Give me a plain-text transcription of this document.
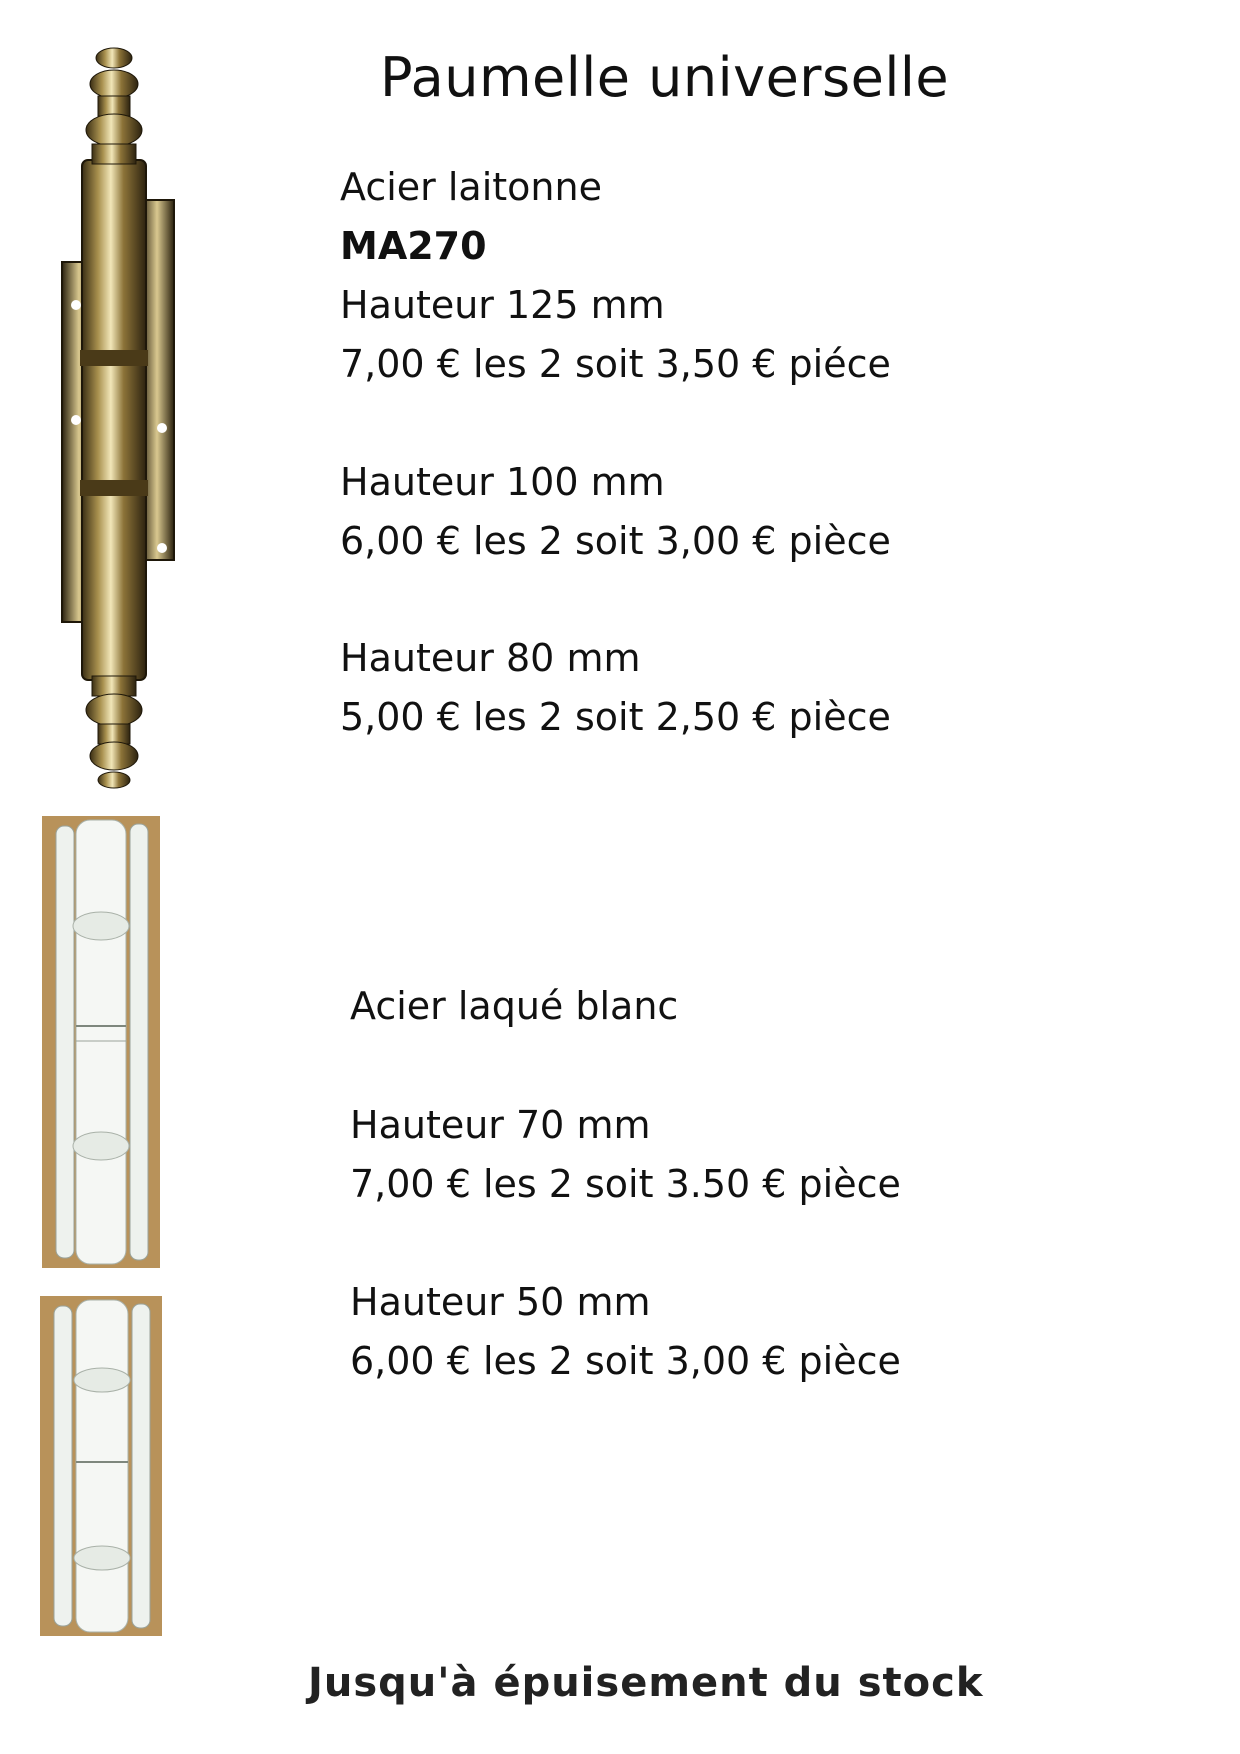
Paumelle universelle
Acier laitonne
MA270
Hauteur 125 mm
7,00 € les 2 soit 3,50 € piéce
Hauteur 100 mm
6,00 € les 2 soit 3,00 € pièce
Hauteur 80 mm
5,00 € les 2 soit 2,50 € pièce
Acier laqué blanc
Hauteur 70 mm
7,00 € les 2 soit 3.50 € pièce
Hauteur 50 mm
6,00 € les 2 soit 3,00 € pièce
Jusqu'à épuisement du stock
